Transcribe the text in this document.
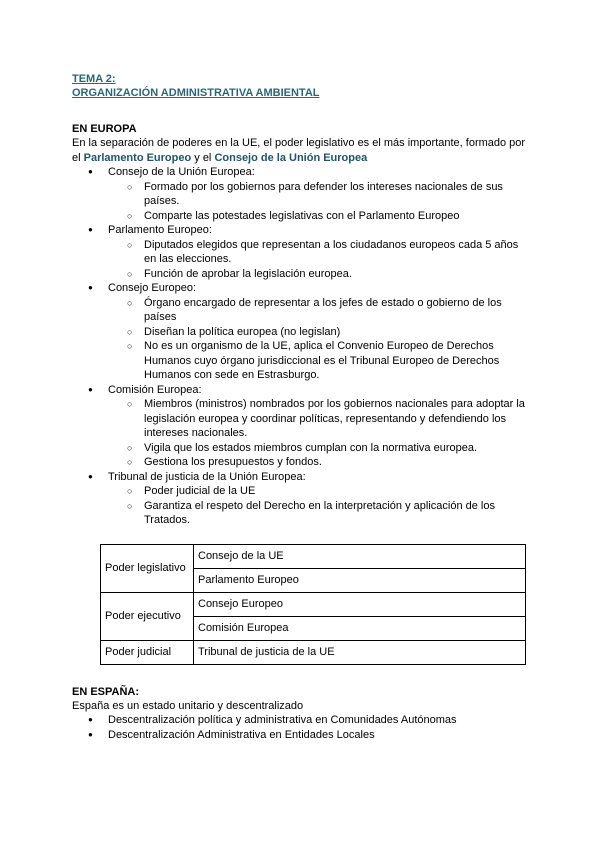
TEMA 2:
ORGANIZACIÓN ADMINISTRATIVA AMBIENTAL
EN EUROPA
En la separación de poderes en la UE, el poder legislativo es el más importante, formado por el Parlamento Europeo y el Consejo de la Unión Europea
● Consejo de la Unión Europea:
○ Formado por los gobiernos para defender los intereses nacionales de sus países.
○ Comparte las potestades legislativas con el Parlamento Europeo
● Parlamento Europeo:
○ Diputados elegidos que representan a los ciudadanos europeos cada 5 años en las elecciones.
○ Función de aprobar la legislación europea.
● Consejo Europeo:
○ Órgano encargado de representar a los jefes de estado o gobierno de los países
○ Diseñan la política europea (no legislan)
○ No es un organismo de la UE, aplica el Convenio Europeo de Derechos Humanos cuyo órgano jurisdiccional es el Tribunal Europeo de Derechos Humanos con sede en Estrasburgo.
● Comisión Europea:
○ Miembros (ministros) nombrados por los gobiernos nacionales para adoptar la legislación europea y coordinar políticas, representando y defendiendo los intereses nacionales.
○ Vigila que los estados miembros cumplan con la normativa europea.
○ Gestiona los presupuestos y fondos.
● Tribunal de justicia de la Unión Europea:
○ Poder judicial de la UE
○ Garantiza el respeto del Derecho en la interpretación y aplicación de los Tratados.
Poder legislativo	Consejo de la UE
	Parlamento Europeo
Poder ejecutivo	Consejo Europeo
	Comisión Europea
Poder judicial	Tribunal de justicia de la UE
EN ESPAÑA:
España es un estado unitario y descentralizado
● Descentralización política y administrativa en Comunidades Autónomas
● Descentralización Administrativa en Entidades Locales
